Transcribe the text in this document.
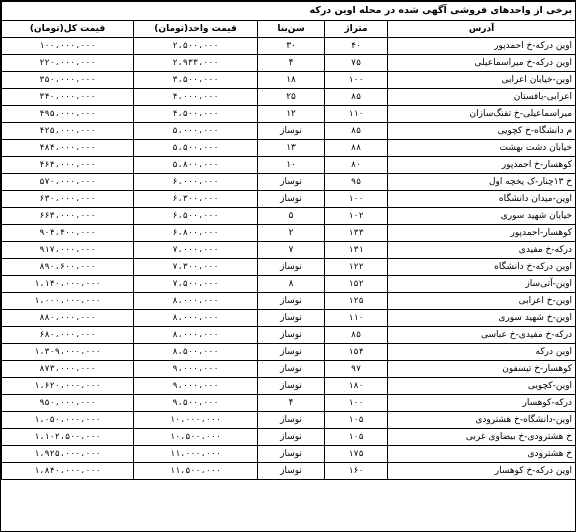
برخی از واحدهای فروشی آگهی شده در محله اوین درکه				
آدرس	متراژ	سن‌بنا	قیمت واحد(تومان)	قیمت کل(تومان)
اوین درکه-خ احمدپور	۴۰	۳۰	۲،۵۰۰،۰۰۰	۱۰۰،۰۰۰،۰۰۰
اوین درکه-خ میراسماعیلی	۷۵	۴	۲،۹۳۳،۰۰۰	۲۲۰،۰۰۰،۰۰۰
اوین-خیابان اعرابی	۱۰۰	۱۸	۳،۵۰۰،۰۰۰	۳۵۰،۰۰۰،۰۰۰
اعرابی-بافستان	۸۵	۲۵	۴،۰۰۰،۰۰۰	۳۴۰،۰۰۰،۰۰۰
میراسماعیلی-خ تفنگ‌سازان	۱۱۰	۱۲	۴،۵۰۰،۰۰۰	۴۹۵،۰۰۰،۰۰۰
م دانشگاه-خ کچویی	۸۵	نوساز	۵،۰۰۰،۰۰۰	۴۲۵،۰۰۰،۰۰۰
خیابان دشت بهشت	۸۸	۱۳	۵،۵۰۰،۰۰۰	۴۸۴،۰۰۰،۰۰۰
کوهسار-خ احمدپور	۸۰	۱۰	۵،۸۰۰،۰۰۰	۴۶۴،۰۰۰،۰۰۰
خ ۱۳چنار-ک یخچه اول	۹۵	نوساز	۶،۰۰۰،۰۰۰	۵۷۰،۰۰۰،۰۰۰
اوین-میدان دانشگاه	۱۰۰	نوساز	۶،۳۰۰،۰۰۰	۶۳۰،۰۰۰،۰۰۰
خیابان شهید سوری	۱۰۲	۵	۶،۵۰۰،۰۰۰	۶۶۳،۰۰۰،۰۰۰
کوهسار-احمدپور	۱۳۳	۲	۶،۸۰۰،۰۰۰	۹۰۴،۴۰۰،۰۰۰
درکه-خ مفیدی	۱۳۱	۷	۷،۰۰۰،۰۰۰	۹۱۷،۰۰۰،۰۰۰
اوین درکه-خ دانشگاه	۱۲۲	نوساز	۷،۳۰۰،۰۰۰	۸۹۰،۶۰۰،۰۰۰
اوین-آتی‌ساز	۱۵۲	۸	۷،۵۰۰،۰۰۰	۱،۱۴۰،۰۰۰،۰۰۰
اوین-خ اعرابی	۱۲۵	نوساز	۸،۰۰۰،۰۰۰	۱،۰۰۰،۰۰۰،۰۰۰
اوین-خ شهید سوری	۱۱۰	نوساز	۸،۰۰۰،۰۰۰	۸۸۰،۰۰۰،۰۰۰
درکه-خ مفیدی-خ عباسی	۸۵	نوساز	۸،۰۰۰،۰۰۰	۶۸۰،۰۰۰،۰۰۰
اوین درکه	۱۵۴	نوساز	۸،۵۰۰،۰۰۰	۱،۳۰۹،۰۰۰،۰۰۰
کوهسار-خ تیسفون	۹۷	نوساز	۹،۰۰۰،۰۰۰	۸۷۳،۰۰۰،۰۰۰
اوین-کچویی	۱۸۰	نوساز	۹،۰۰۰،۰۰۰	۱،۶۲۰،۰۰۰،۰۰۰
درکه-کوهسار	۱۰۰	۴	۹،۵۰۰،۰۰۰	۹۵۰،۰۰۰،۰۰۰
اوین-دانشگاه-خ هشترودی	۱۰۵	نوساز	۱۰،۰۰۰،۰۰۰	۱،۰۵۰،۰۰۰،۰۰۰
خ هشترودی-خ بیضاوی غربی	۱۰۵	نوساز	۱۰،۵۰۰،۰۰۰	۱،۱۰۲،۵۰۰،۰۰۰
خ هشترودی	۱۷۵	نوساز	۱۱،۰۰۰،۰۰۰	۱،۹۲۵،۰۰۰،۰۰۰
اوین درکه-خ کوهسار	۱۶۰	نوساز	۱۱،۵۰۰،۰۰۰	۱،۸۴۰،۰۰۰،۰۰۰
